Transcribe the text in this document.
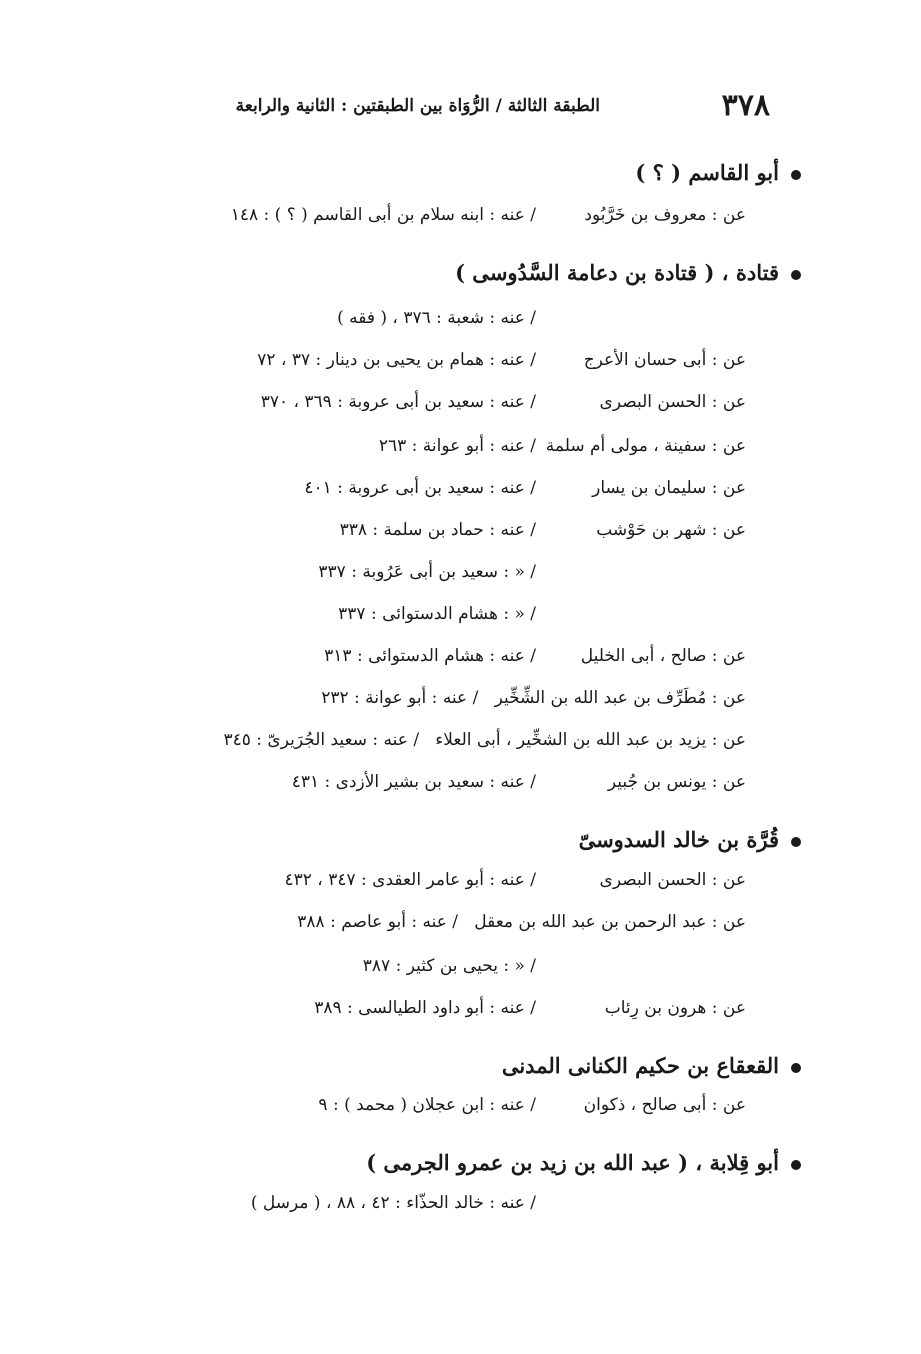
٣٧٨
الطبقة الثالثة / الرُّوَاة بين الطبقتين : الثانية والرابعة
أبو القاسم ( ؟ )
عن : معروف بن خَرَّبُود
/ عنه : ابنه سلام بن أبى القاسم ( ؟ ) : ١٤٨
قتادة ، ( قتادة بن دعامة السَّدُوسى )
/ عنه : شعبة : ٣٧٦ ، ( فقه )
عن : أبى حسان الأعرج
/ عنه : همام بن يحيى بن دينار : ٣٧ ، ٧٢
عن : الحسن البصرى
/ عنه : سعيد بن أبى عروبة : ٣٦٩ ، ٣٧٠
عن : سفينة ، مولى أم سلمة
/ عنه : أبو عوانة : ٢٦٣
عن : سليمان بن يسار
/ عنه : سعيد بن أبى عروبة : ٤٠١
عن : شهر بن حَوْشب
/ عنه : حماد بن سلمة : ٣٣٨
/ « : سعيد بن أبى عَرُوبة : ٣٣٧
/ « : هشام الدستوائى : ٣٣٧
عن : صالح ، أبى الخليل
/ عنه : هشام الدستوائى : ٣١٣
عن : مُطَرِّف بن عبد الله بن الشِّخِّير   / عنه : أبو عوانة : ٢٣٢
عن : يزيد بن عبد الله بن الشخِّير ، أبى العلاء   / عنه : سعيد الجُرَيرىّ : ٣٤٥
عن : يونس بن جُبير
/ عنه : سعيد بن بشير الأزدى : ٤٣١
قُرَّة بن خالد السدوسىّ
عن : الحسن البصرى
/ عنه : أبو عامر العقدى : ٣٤٧ ، ٤٣٢
عن : عبد الرحمن بن عبد الله بن معقل   / عنه : أبو عاصم : ٣٨٨
/ « : يحيى بن كثير : ٣٨٧
عن : هرون بن رِئاب
/ عنه : أبو داود الطيالسى : ٣٨٩
القعقاع بن حكيم الكنانى المدنى
عن : أبى صالح ، ذكوان
/ عنه : ابن عجلان ( محمد ) : ٩
أبو قِلابة ، ( عبد الله بن زيد بن عمرو الجرمى )
/ عنه : خالد الحذّاء : ٤٢ ، ٨٨ ، ( مرسل )
